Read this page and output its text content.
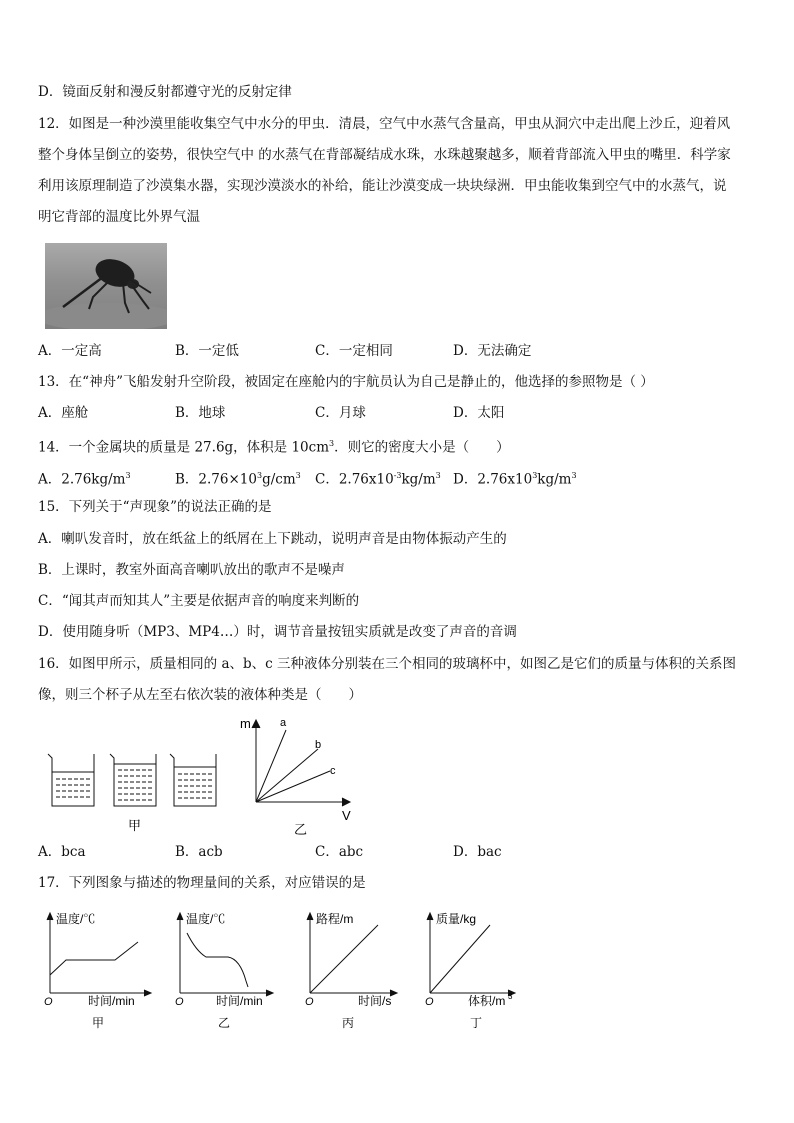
D．镜面反射和漫反射都遵守光的反射定律
12．如图是一种沙漠里能收集空气中水分的甲虫．清晨，空气中水蒸气含量高，甲虫从洞穴中走出爬上沙丘，迎着风
整个身体呈倒立的姿势，很快空气中 的水蒸气在背部凝结成水珠，水珠越聚越多，顺着背部流入甲虫的嘴里．科学家
利用该原理制造了沙漠集水器，实现沙漠淡水的补给，能让沙漠变成一块块绿洲．甲虫能收集到空气中的水蒸气，说
明它背部的温度比外界气温
A．一定高	B．一定低	C．一定相同	D．无法确定
13．在“神舟”飞船发射升空阶段，被固定在座舱内的宇航员认为自己是静止的，他选择的参照物是（ ）
A．座舱	B．地球	C．月球	D．太阳
14．一个金属块的质量是 27.6g，体积是 $10cm^3$．则它的密度大小是（　　）
A．$2.76kg/m^3$	B．$2.76\times 10^3g/cm^3$ C．$2.76x10^{-3}kg/m^3$ D．$2.76x10^3kg/m^3$
15．下列关于“声现象”的说法正确的是
A．喇叭发音时，放在纸盆上的纸屑在上下跳动，说明声音是由物体振动产生的
B．上课时，教室外面高音喇叭放出的歌声不是噪声
C．“闻其声而知其人”主要是依据声音的响度来判断的
D．使用随身听（MP3、MP4…）时，调节音量按钮实质就是改变了声音的音调
16．如图甲所示，质量相同的 a、b、c 三种液体分别装在三个相同的玻璃杯中，如图乙是它们的质量与体积的关系图
像，则三个杯子从左至右依次装的液体种类是（　　）
甲
m
V
a
b
c
乙
A．bca	B．acb	C．abc	D．bac
17．下列图象与描述的物理量间的关系，对应错误的是
温度/℃
时间/min
O
甲
温度/℃
时间/min
O
乙
路程/m
时间/s
O
丙
质量/kg
体积/m 3
O
丁
